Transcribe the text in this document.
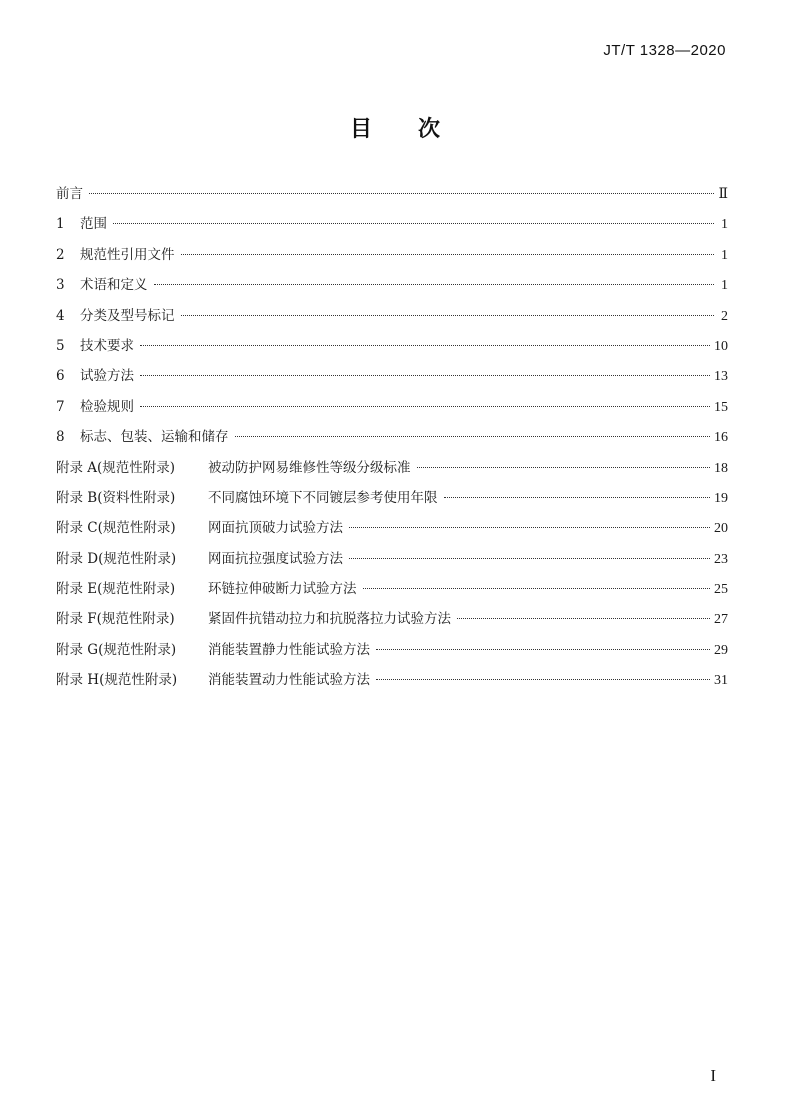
JT/T 1328—2020
目 次
前言	Ⅱ
1	范围	1
2	规范性引用文件	1
3	术语和定义	1
4	分类及型号标记	2
5	技术要求	10
6	试验方法	13
7	检验规则	15
8	标志、包装、运输和储存	16
附录 A(规范性附录)	被动防护网易维修性等级分级标准	18
附录 B(资料性附录)	不同腐蚀环境下不同镀层参考使用年限	19
附录 C(规范性附录)	网面抗顶破力试验方法	20
附录 D(规范性附录)	网面抗拉强度试验方法	23
附录 E(规范性附录)	环链拉伸破断力试验方法	25
附录 F(规范性附录)	紧固件抗错动拉力和抗脱落拉力试验方法	27
附录 G(规范性附录)	消能装置静力性能试验方法	29
附录 H(规范性附录)	消能装置动力性能试验方法	31
I
